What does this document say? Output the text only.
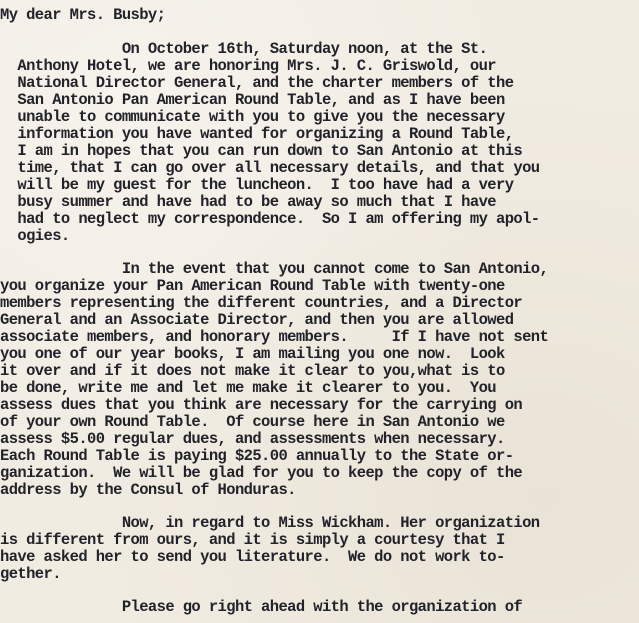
My dear Mrs. Busby;
On October 16th, Saturday noon, at the St.
Anthony Hotel, we are honoring Mrs. J. C. Griswold, our
National Director General, and the charter members of the
San Antonio Pan American Round Table, and as I have been
unable to communicate with you to give you the necessary
information you have wanted for organizing a Round Table,
I am in hopes that you can run down to San Antonio at this
time, that I can go over all necessary details, and that you
will be my guest for the luncheon.  I too have had a very
busy summer and have had to be away so much that I have
had to neglect my correspondence.  So I am offering my apol-
ogies.
In the event that you cannot come to San Antonio,
you organize your Pan American Round Table with twenty-one
members representing the different countries, and a Director
General and an Associate Director, and then you are allowed
associate members, and honorary members.     If I have not sent
you one of our year books, I am mailing you one now.  Look
it over and if it does not make it clear to you,what is to
be done, write me and let me make it clearer to you.  You
assess dues that you think are necessary for the carrying on
of your own Round Table.  Of course here in San Antonio we
assess $5.00 regular dues, and assessments when necessary.
Each Round Table is paying $25.00 annually to the State or-
ganization.  We will be glad for you to keep the copy of the
address by the Consul of Honduras.
Now, in regard to Miss Wickham. Her organization
is different from ours, and it is simply a courtesy that I
have asked her to send you literature.  We do not work to-
gether.
Please go right ahead with the organization of
